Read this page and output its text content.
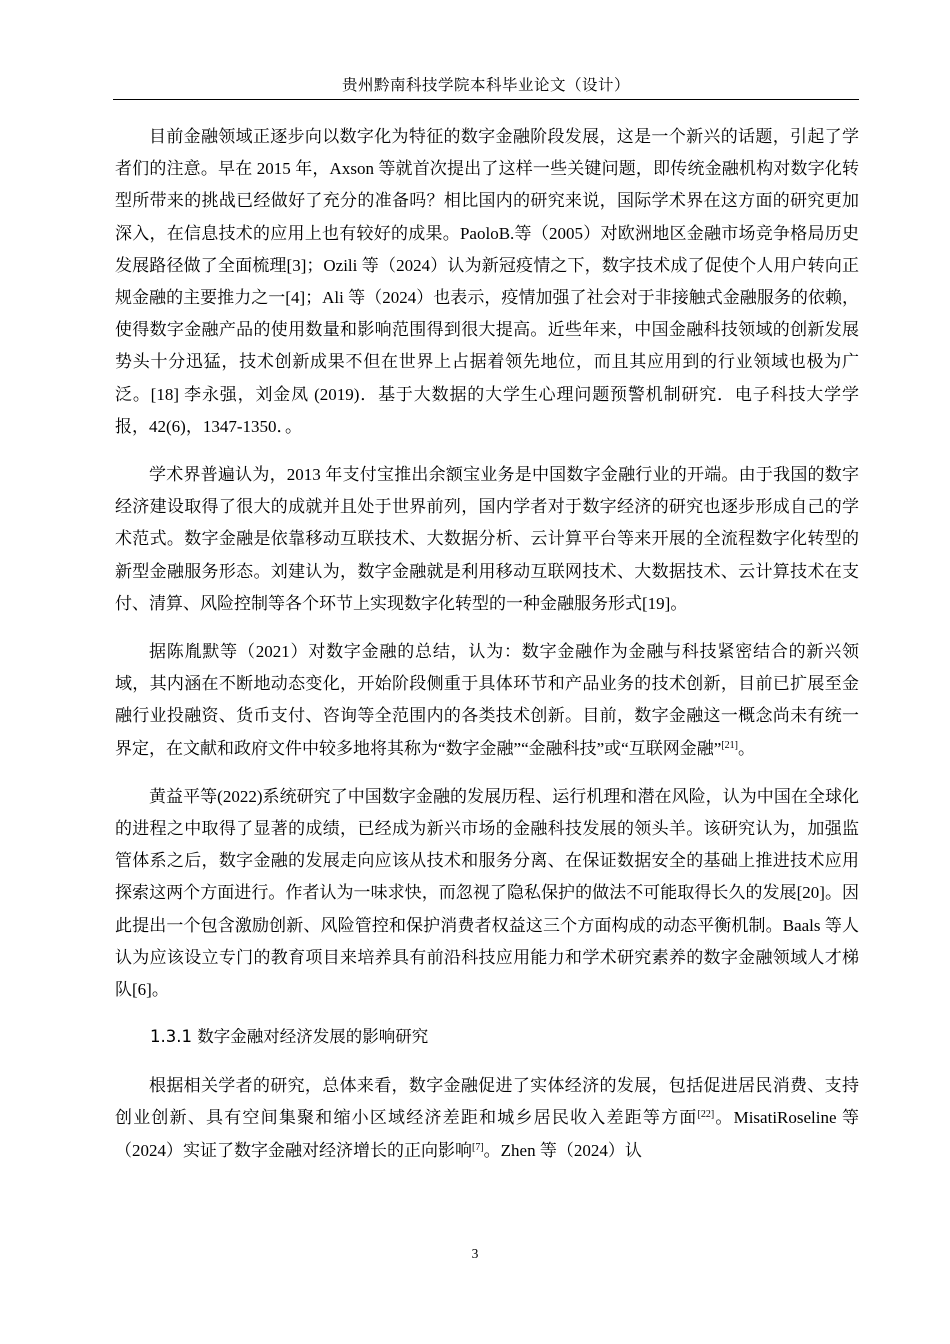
贵州黔南科技学院本科毕业论文（设计）

目前金融领域正逐步向以数字化为特征的数字金融阶段发展，这是一个新兴的话题，引起了学者们的注意。早在 2015 年，Axson 等就首次提出了这样一些关键问题，即传统金融机构对数字化转型所带来的挑战已经做好了充分的准备吗？相比国内的研究来说，国际学术界在这方面的研究更加深入，在信息技术的应用上也有较好的成果。PaoloB.等（2005）对欧洲地区金融市场竞争格局历史发展路径做了全面梳理[3]；Ozili 等（2024）认为新冠疫情之下，数字技术成了促使个人用户转向正规金融的主要推力之一[4]；Ali 等（2024）也表示，疫情加强了社会对于非接触式金融服务的依赖，使得数字金融产品的使用数量和影响范围得到很大提高。近些年来，中国金融科技领域的创新发展势头十分迅猛，技术创新成果不但在世界上占据着领先地位，而且其应用到的行业领域也极为广泛。[18] 李永强，刘金凤 (2019)．基于大数据的大学生心理问题预警机制研究．电子科技大学学报，42(6)，1347-1350．。

学术界普遍认为，2013 年支付宝推出余额宝业务是中国数字金融行业的开端。由于我国的数字经济建设取得了很大的成就并且处于世界前列，国内学者对于数字经济的研究也逐步形成自己的学术范式。数字金融是依靠移动互联技术、大数据分析、云计算平台等来开展的全流程数字化转型的新型金融服务形态。刘建认为，数字金融就是利用移动互联网技术、大数据技术、云计算技术在支付、清算、风险控制等各个环节上实现数字化转型的一种金融服务形式[19]。

据陈胤默等（2021）对数字金融的总结，认为：数字金融作为金融与科技紧密结合的新兴领域，其内涵在不断地动态变化，开始阶段侧重于具体环节和产品业务的技术创新，目前已扩展至金融行业投融资、货币支付、咨询等全范围内的各类技术创新。目前，数字金融这一概念尚未有统一界定，在文献和政府文件中较多地将其称为“数字金融”“金融科技”或“互联网金融”[21]。

黄益平等(2022)系统研究了中国数字金融的发展历程、运行机理和潜在风险，认为中国在全球化的进程之中取得了显著的成绩，已经成为新兴市场的金融科技发展的领头羊。该研究认为，加强监管体系之后，数字金融的发展走向应该从技术和服务分离、在保证数据安全的基础上推进技术应用探索这两个方面进行。作者认为一味求快，而忽视了隐私保护的做法不可能取得长久的发展[20]。因此提出一个包含激励创新、风险管控和保护消费者权益这三个方面构成的动态平衡机制。Baals 等人认为应该设立专门的教育项目来培养具有前沿科技应用能力和学术研究素养的数字金融领域人才梯队[6]。

1.3.1 数字金融对经济发展的影响研究

根据相关学者的研究，总体来看，数字金融促进了实体经济的发展，包括促进居民消费、支持创业创新、具有空间集聚和缩小区域经济差距和城乡居民收入差距等方面[22]。MisatiRoseline 等（2024）实证了数字金融对经济增长的正向影响[7]。Zhen 等（2024）认

3
